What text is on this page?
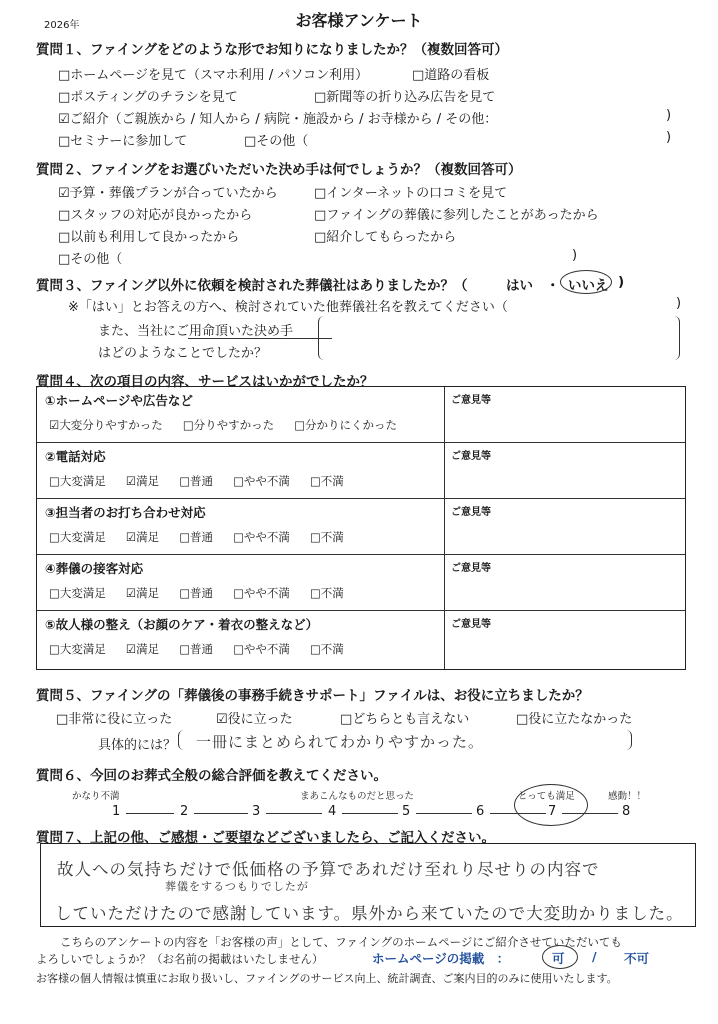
2026年	お客様アンケート
質問１、ファイングをどのような形でお知りになりましたか？（複数回答可）
□ホームページを見て（スマホ利用 / パソコン利用）	□道路の看板
□ポスティングのチラシを見て	□新聞等の折り込み広告を見て
☑ご紹介（ご親族から / 知人から / 病院・施設から / お寺様から / その他：	)
□セミナーに参加して	□その他（	)
質問２、ファイングをお選びいただいた決め手は何でしょうか？（複数回答可）
☑予算・葬儀プランが合っていたから
□スタッフの対応が良かったから
□以前も利用して良かったから
□その他（	)
□インターネットの口コミを見て
□ファイングの葬儀に参列したことがあったから
□紹介してもらったから
質問３、ファイング以外に依頼を検討された葬儀社はありましたか？（	はい ・ いいえ )
※「はい」とお答えの方へ、検討されていた他葬儀社名を教えてください（	)
また、当社にご用命頂いた決め手
はどのようなことでしたか？
質問４、次の項目の内容、サービスはいかがでしたか？
①ホームページや広告など
☑大変分りやすかった □分りやすかった □分かりにくかった
ご意見等
②電話対応
□大変満足 ☑満足 □普通 □やや不満 □不満
ご意見等
③担当者のお打ち合わせ対応
□大変満足 ☑満足 □普通 □やや不満 □不満
ご意見等
④葬儀の接客対応
□大変満足 ☑満足 □普通 □やや不満 □不満
ご意見等
⑤故人様の整え（お顔のケア・着衣の整えなど）
□大変満足 ☑満足 □普通 □やや不満 □不満
ご意見等
質問５、ファイングの「葬儀後の事務手続きサポート」ファイルは、お役に立ちましたか？
□非常に役に立った	☑役に立った	□どちらとも言えない	□役に立たなかった
具体的には？ 一冊にまとめられてわかりやすかった。
質問６、今回のお葬式全般の総合評価を教えてください。
かなり不満	まあこんなものだと思った	とっても満足	感動！！
1	2	3	4	5	6	7	8
質問７、上記の他、ご感想・ご要望などございましたら、ご記入ください。
故人への気持ちだけで低価格の予算であれだけ至れり尽せりの内容で
葬儀をするつもりでしたが
していただけたので感謝しています。県外から来ていたので大変助かりました。
こちらのアンケートの内容を「お客様の声」として、ファイングのホームページにご紹介させていただいても
よろしいでしょうか？（お名前の掲載はいたしません）	ホームページの掲載　：	可 / 不可
お客様の個人情報は慎重にお取り扱いし、ファイングのサービス向上、統計調査、ご案内目的のみに使用いたします。
